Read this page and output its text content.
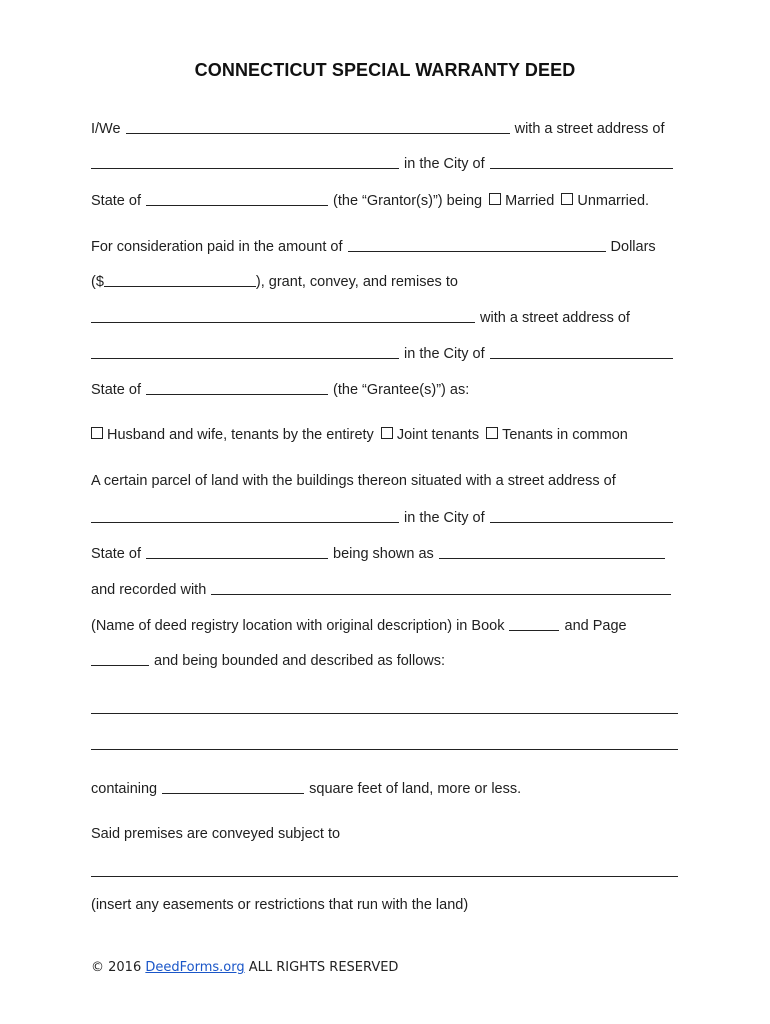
CONNECTICUT SPECIAL WARRANTY DEED
I/We	with a street address of
in the City of
State of	(the “Grantor(s)”) being Married Unmarried.
For consideration paid in the amount of	Dollars
($	), grant, convey, and remises to
with a street address of
in the City of
State of	(the “Grantee(s)”) as:
Husband and wife, tenants by the entirety Joint tenants Tenants in common
A certain parcel of land with the buildings thereon situated with a street address of
in the City of
State of	being shown as
and recorded with
(Name of deed registry location with original description) in Book	and Page
and being bounded and described as follows:
containing	square feet of land, more or less.
Said premises are conveyed subject to
(insert any easements or restrictions that run with the land)
© 2016 DeedForms.org ALL RIGHTS RESERVED
